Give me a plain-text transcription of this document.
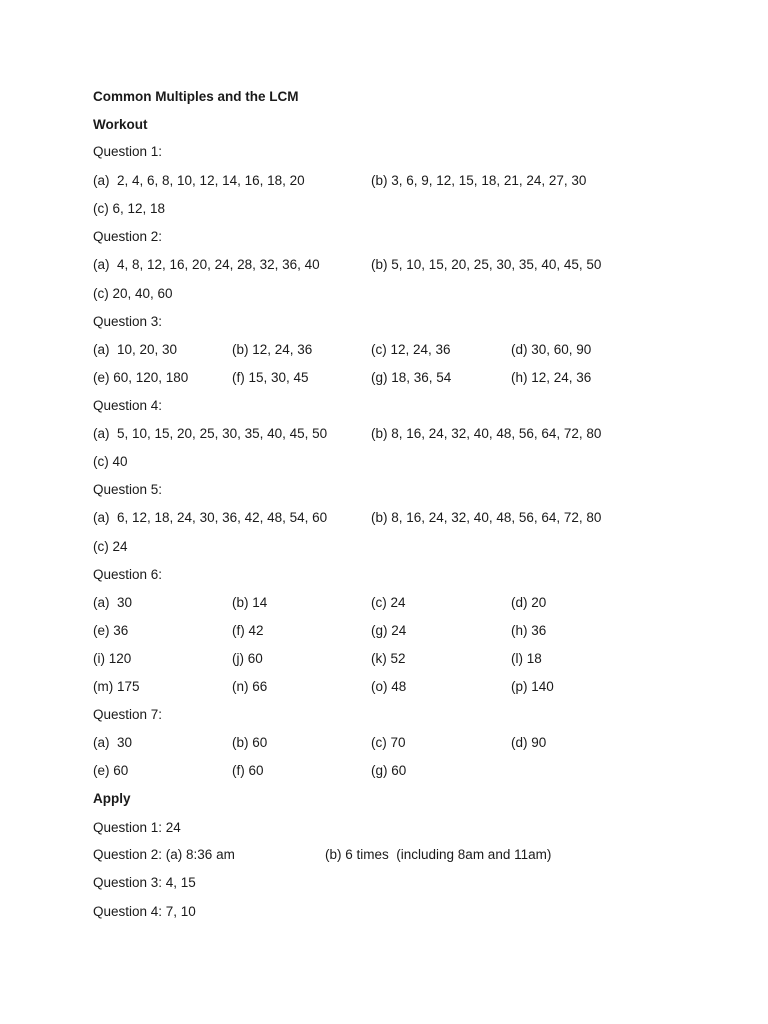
Common Multiples and the LCM
Workout
Question 1:
(a)  2, 4, 6, 8, 10, 12, 14, 16, 18, 20	(b) 3, 6, 9, 12, 15, 18, 21, 24, 27, 30
(c) 6, 12, 18
Question 2:
(a)  4, 8, 12, 16, 20, 24, 28, 32, 36, 40	(b) 5, 10, 15, 20, 25, 30, 35, 40, 45, 50
(c) 20, 40, 60
Question 3:
(a)  10, 20, 30	(b) 12, 24, 36	(c) 12, 24, 36	(d) 30, 60, 90
(e) 60, 120, 180	(f) 15, 30, 45	(g) 18, 36, 54	(h) 12, 24, 36
Question 4:
(a)  5, 10, 15, 20, 25, 30, 35, 40, 45, 50	(b) 8, 16, 24, 32, 40, 48, 56, 64, 72, 80
(c) 40
Question 5:
(a)  6, 12, 18, 24, 30, 36, 42, 48, 54, 60	(b) 8, 16, 24, 32, 40, 48, 56, 64, 72, 80
(c) 24
Question 6:
(a)  30	(b) 14	(c) 24	(d) 20
(e) 36	(f) 42	(g) 24	(h) 36
(i) 120	(j) 60	(k) 52	(l) 18
(m) 175	(n) 66	(o) 48	(p) 140
Question 7:
(a)  30	(b) 60	(c) 70	(d) 90
(e) 60	(f) 60	(g) 60
Apply
Question 1: 24
Question 2: (a) 8:36 am	(b) 6 times  (including 8am and 11am)
Question 3: 4, 15
Question 4: 7, 10
